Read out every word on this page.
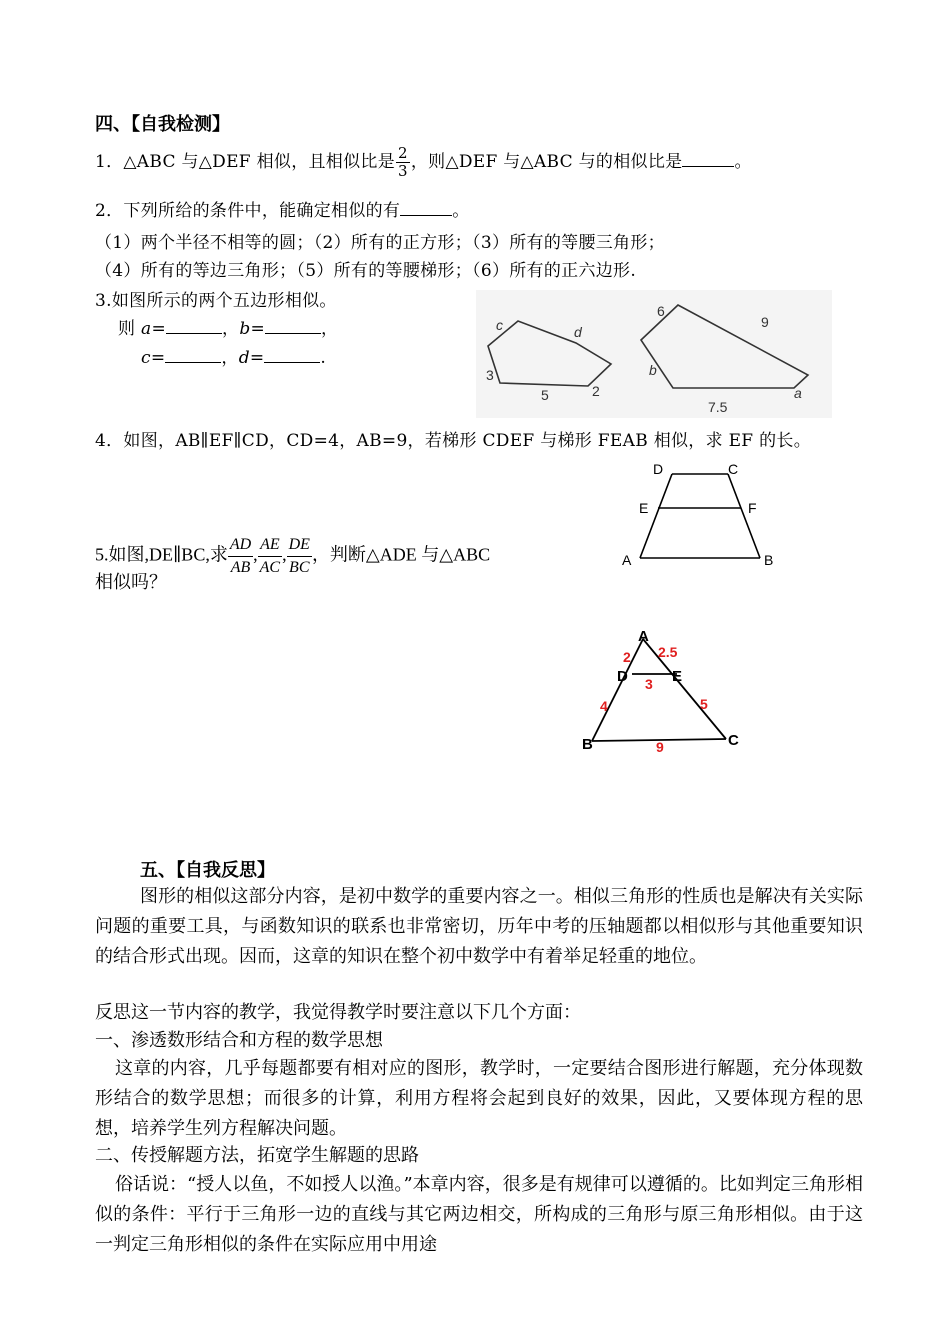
四、【自我检测】
1．△ABC 与△DEF 相似，且相似比是 $\frac{2}{3}$ ，则△DEF 与△ABC 与的相似比是	。
2．下列所给的条件中，能确定相似的有	。
（1）两个半径不相等的圆；（2）所有的正方形；（3）所有的等腰三角形；
（4）所有的等边三角形；（5）所有的等腰梯形；（6）所有的正六边形.
3.如图所示的两个五边形相似。
则 a=	，b=	，
c=	，d=	.
c	d
b
a
3
5	2
6
9
7.5
4．如图，AB∥EF∥CD，CD=4，AB=9，若梯形 CDEF 与梯形 FEAB 相似，求 EF 的长。
D	C
E	F
A	B
5.如图,DE∥BC,求 $\frac{AD}{AB}$ , $\frac{AE}{AC}$ , $\frac{DE}{BC}$ ，判断△ADE 与△ABC
相似吗？
A
D	E
B	C
2 2.5
3
4	5
9
五、【自我反思】
图形的相似这部分内容，是初中数学的重要内容之一。相似三角形的性质也是解决有关实际问题的重要工具，与函数知识的联系也非常密切，历年中考的压轴题都以相似形与其他重要知识的结合形式出现。因而，这章的知识在整个初中数学中有着举足轻重的地位。
反思这一节内容的教学，我觉得教学时要注意以下几个方面：
一、渗透数形结合和方程的数学思想
这章的内容，几乎每题都要有相对应的图形，教学时，一定要结合图形进行解题，充分体现数形结合的数学思想；而很多的计算，利用方程将会起到良好的效果，因此，又要体现方程的思想，培养学生列方程解决问题。
二、传授解题方法，拓宽学生解题的思路
俗话说：“授人以鱼，不如授人以渔。”本章内容，很多是有规律可以遵循的。比如判定三角形相似的条件：平行于三角形一边的直线与其它两边相交，所构成的三角形与原三角形相似。由于这一判定三角形相似的条件在实际应用中用途
